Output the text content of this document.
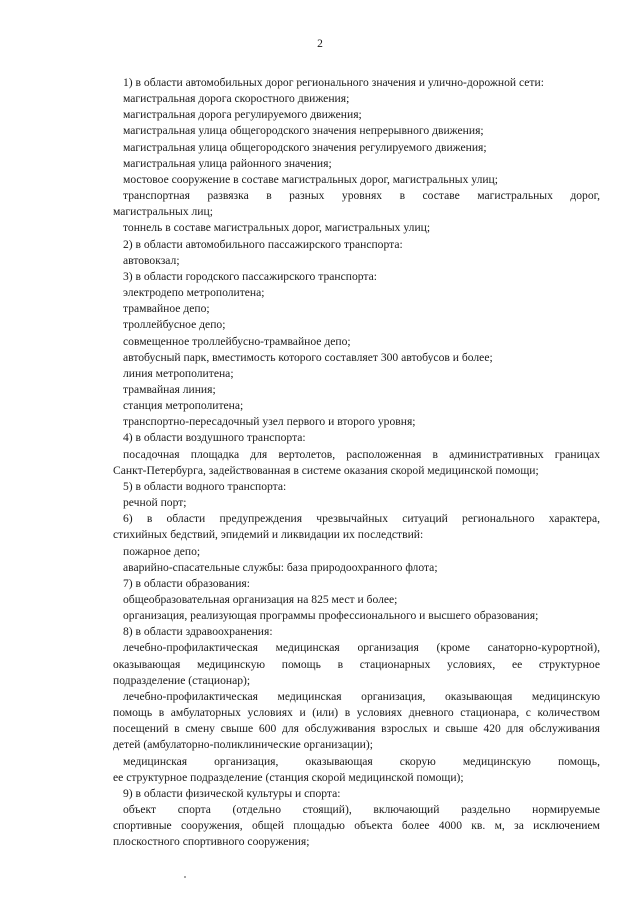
2
1) в области автомобильных дорог регионального значения и улично-дорожной сети:
магистральная дорога скоростного движения;
магистральная дорога регулируемого движения;
магистральная улица общегородского значения непрерывного движения;
магистральная улица общегородского значения регулируемого движения;
магистральная улица районного значения;
мостовое сооружение в составе магистральных дорог, магистральных улиц;
транспортная развязка в разных уровнях в составе магистральных дорог,
магистральных лиц;
тоннель в составе магистральных дорог, магистральных улиц;
2) в области автомобильного пассажирского транспорта:
автовокзал;
3) в области городского пассажирского транспорта:
электродепо метрополитена;
трамвайное депо;
троллейбусное депо;
совмещенное троллейбусно-трамвайное депо;
автобусный парк, вместимость которого составляет 300 автобусов и более;
линия метрополитена;
трамвайная линия;
станция метрополитена;
транспортно-пересадочный узел первого и второго уровня;
4) в области воздушного транспорта:
посадочная площадка для вертолетов, расположенная в административных границах
Санкт-Петербурга, задействованная в системе оказания скорой медицинской помощи;
5) в области водного транспорта:
речной порт;
6) в области предупреждения чрезвычайных ситуаций регионального характера,
стихийных бедствий, эпидемий и ликвидации их последствий:
пожарное депо;
аварийно-спасательные службы: база природоохранного флота;
7) в области образования:
общеобразовательная организация на 825 мест и более;
организация, реализующая программы профессионального и высшего образования;
8) в области здравоохранения:
лечебно-профилактическая медицинская организация (кроме санаторно-курортной),
оказывающая медицинскую помощь в стационарных условиях, ее структурное
подразделение (стационар);
лечебно-профилактическая медицинская организация, оказывающая медицинскую
помощь в амбулаторных условиях и (или) в условиях дневного стационара, с количеством
посещений в смену свыше 600 для обслуживания взрослых и свыше 420 для обслуживания
детей (амбулаторно-поликлинические организации);
медицинская организация, оказывающая скорую медицинскую помощь,
ее структурное подразделение (станция скорой медицинской помощи);
9) в области физической культуры и спорта:
объект спорта (отдельно стоящий), включающий раздельно нормируемые
спортивные сооружения, общей площадью объекта более 4000 кв. м, за исключением
плоскостного спортивного сооружения;
